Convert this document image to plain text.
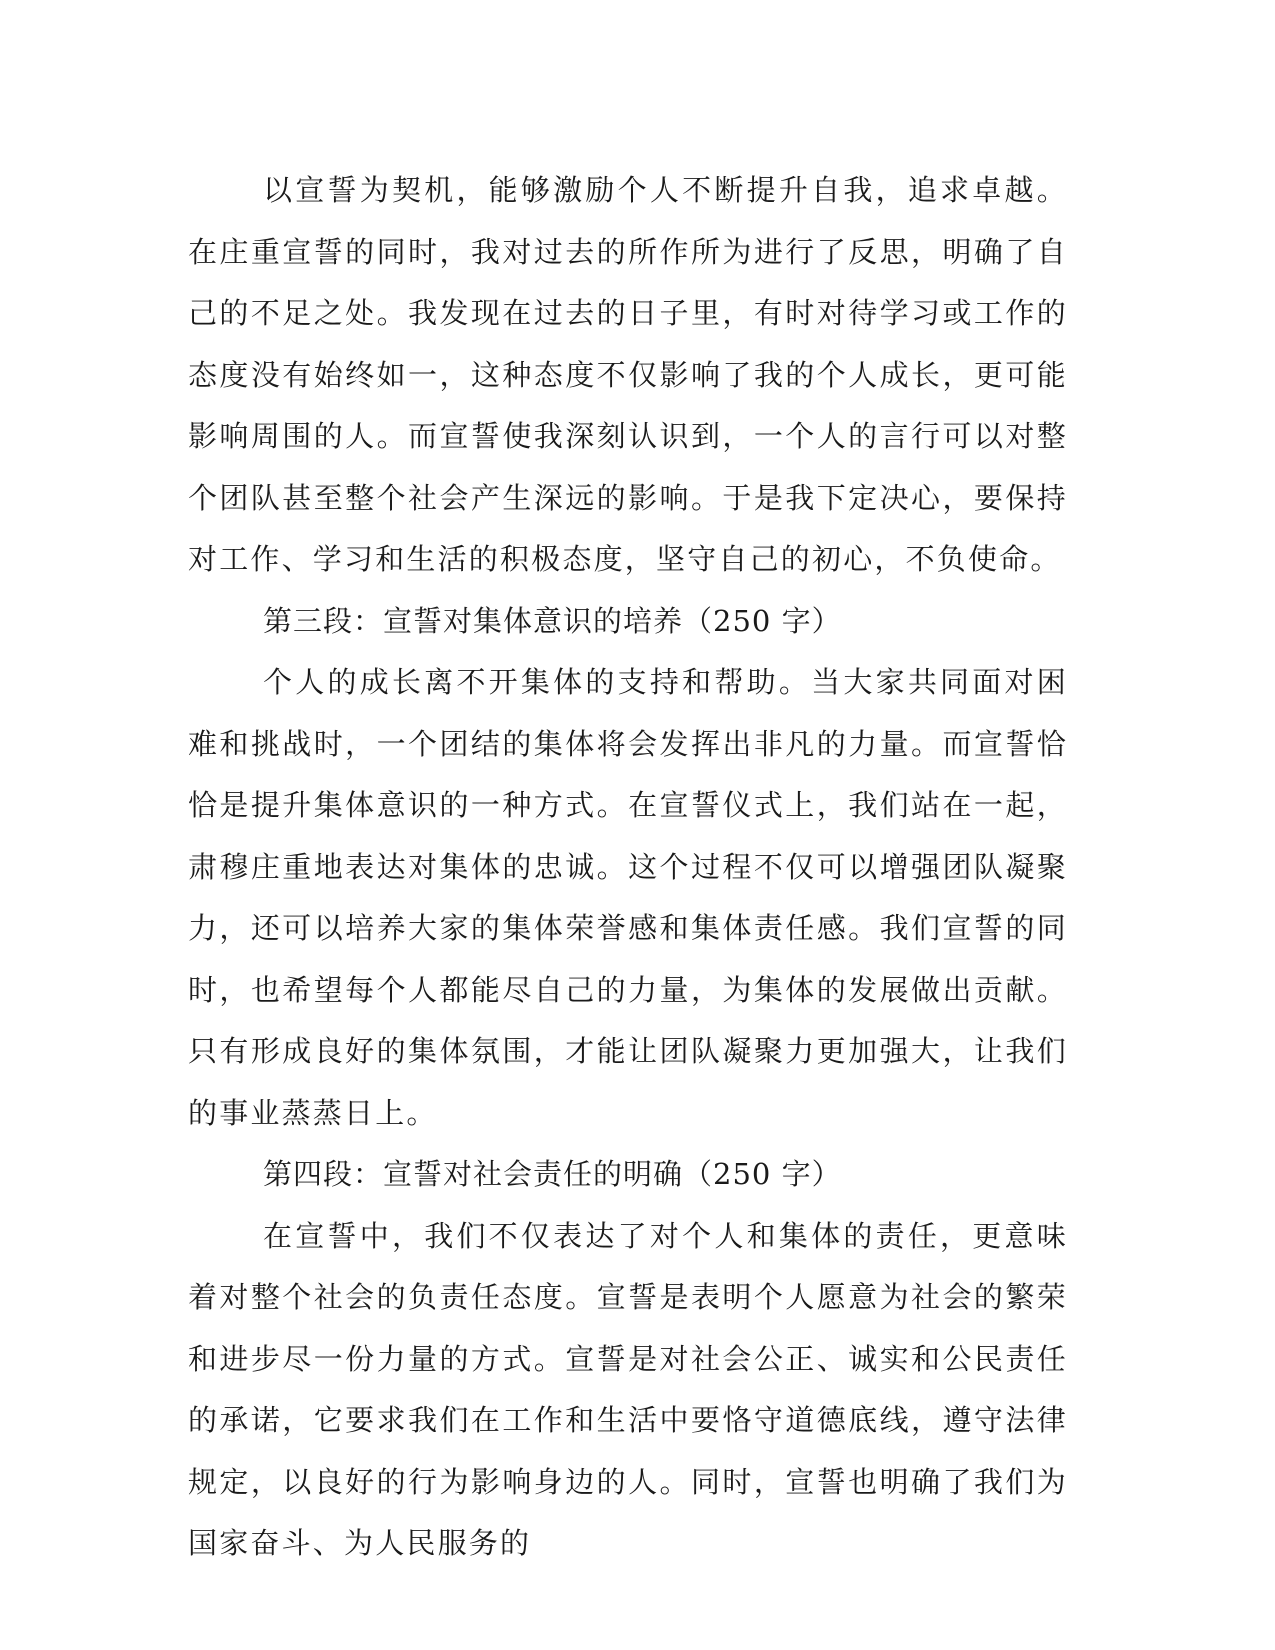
以宣誓为契机，能够激励个人不断提升自我，追求卓越。在庄重宣誓的同时，我对过去的所作所为进行了反思，明确了自己的不足之处。我发现在过去的日子里，有时对待学习或工作的态度没有始终如一，这种态度不仅影响了我的个人成长，更可能影响周围的人。而宣誓使我深刻认识到，一个人的言行可以对整个团队甚至整个社会产生深远的影响。于是我下定决心，要保持对工作、学习和生活的积极态度，坚守自己的初心，不负使命。

第三段：宣誓对集体意识的培养（250 字）

个人的成长离不开集体的支持和帮助。当大家共同面对困难和挑战时，一个团结的集体将会发挥出非凡的力量。而宣誓恰恰是提升集体意识的一种方式。在宣誓仪式上，我们站在一起，肃穆庄重地表达对集体的忠诚。这个过程不仅可以增强团队凝聚力，还可以培养大家的集体荣誉感和集体责任感。我们宣誓的同时，也希望每个人都能尽自己的力量，为集体的发展做出贡献。只有形成良好的集体氛围，才能让团队凝聚力更加强大，让我们的事业蒸蒸日上。

第四段：宣誓对社会责任的明确（250 字）

在宣誓中，我们不仅表达了对个人和集体的责任，更意味着对整个社会的负责任态度。宣誓是表明个人愿意为社会的繁荣和进步尽一份力量的方式。宣誓是对社会公正、诚实和公民责任的承诺，它要求我们在工作和生活中要恪守道德底线，遵守法律规定，以良好的行为影响身边的人。同时，宣誓也明确了我们为国家奋斗、为人民服务的
